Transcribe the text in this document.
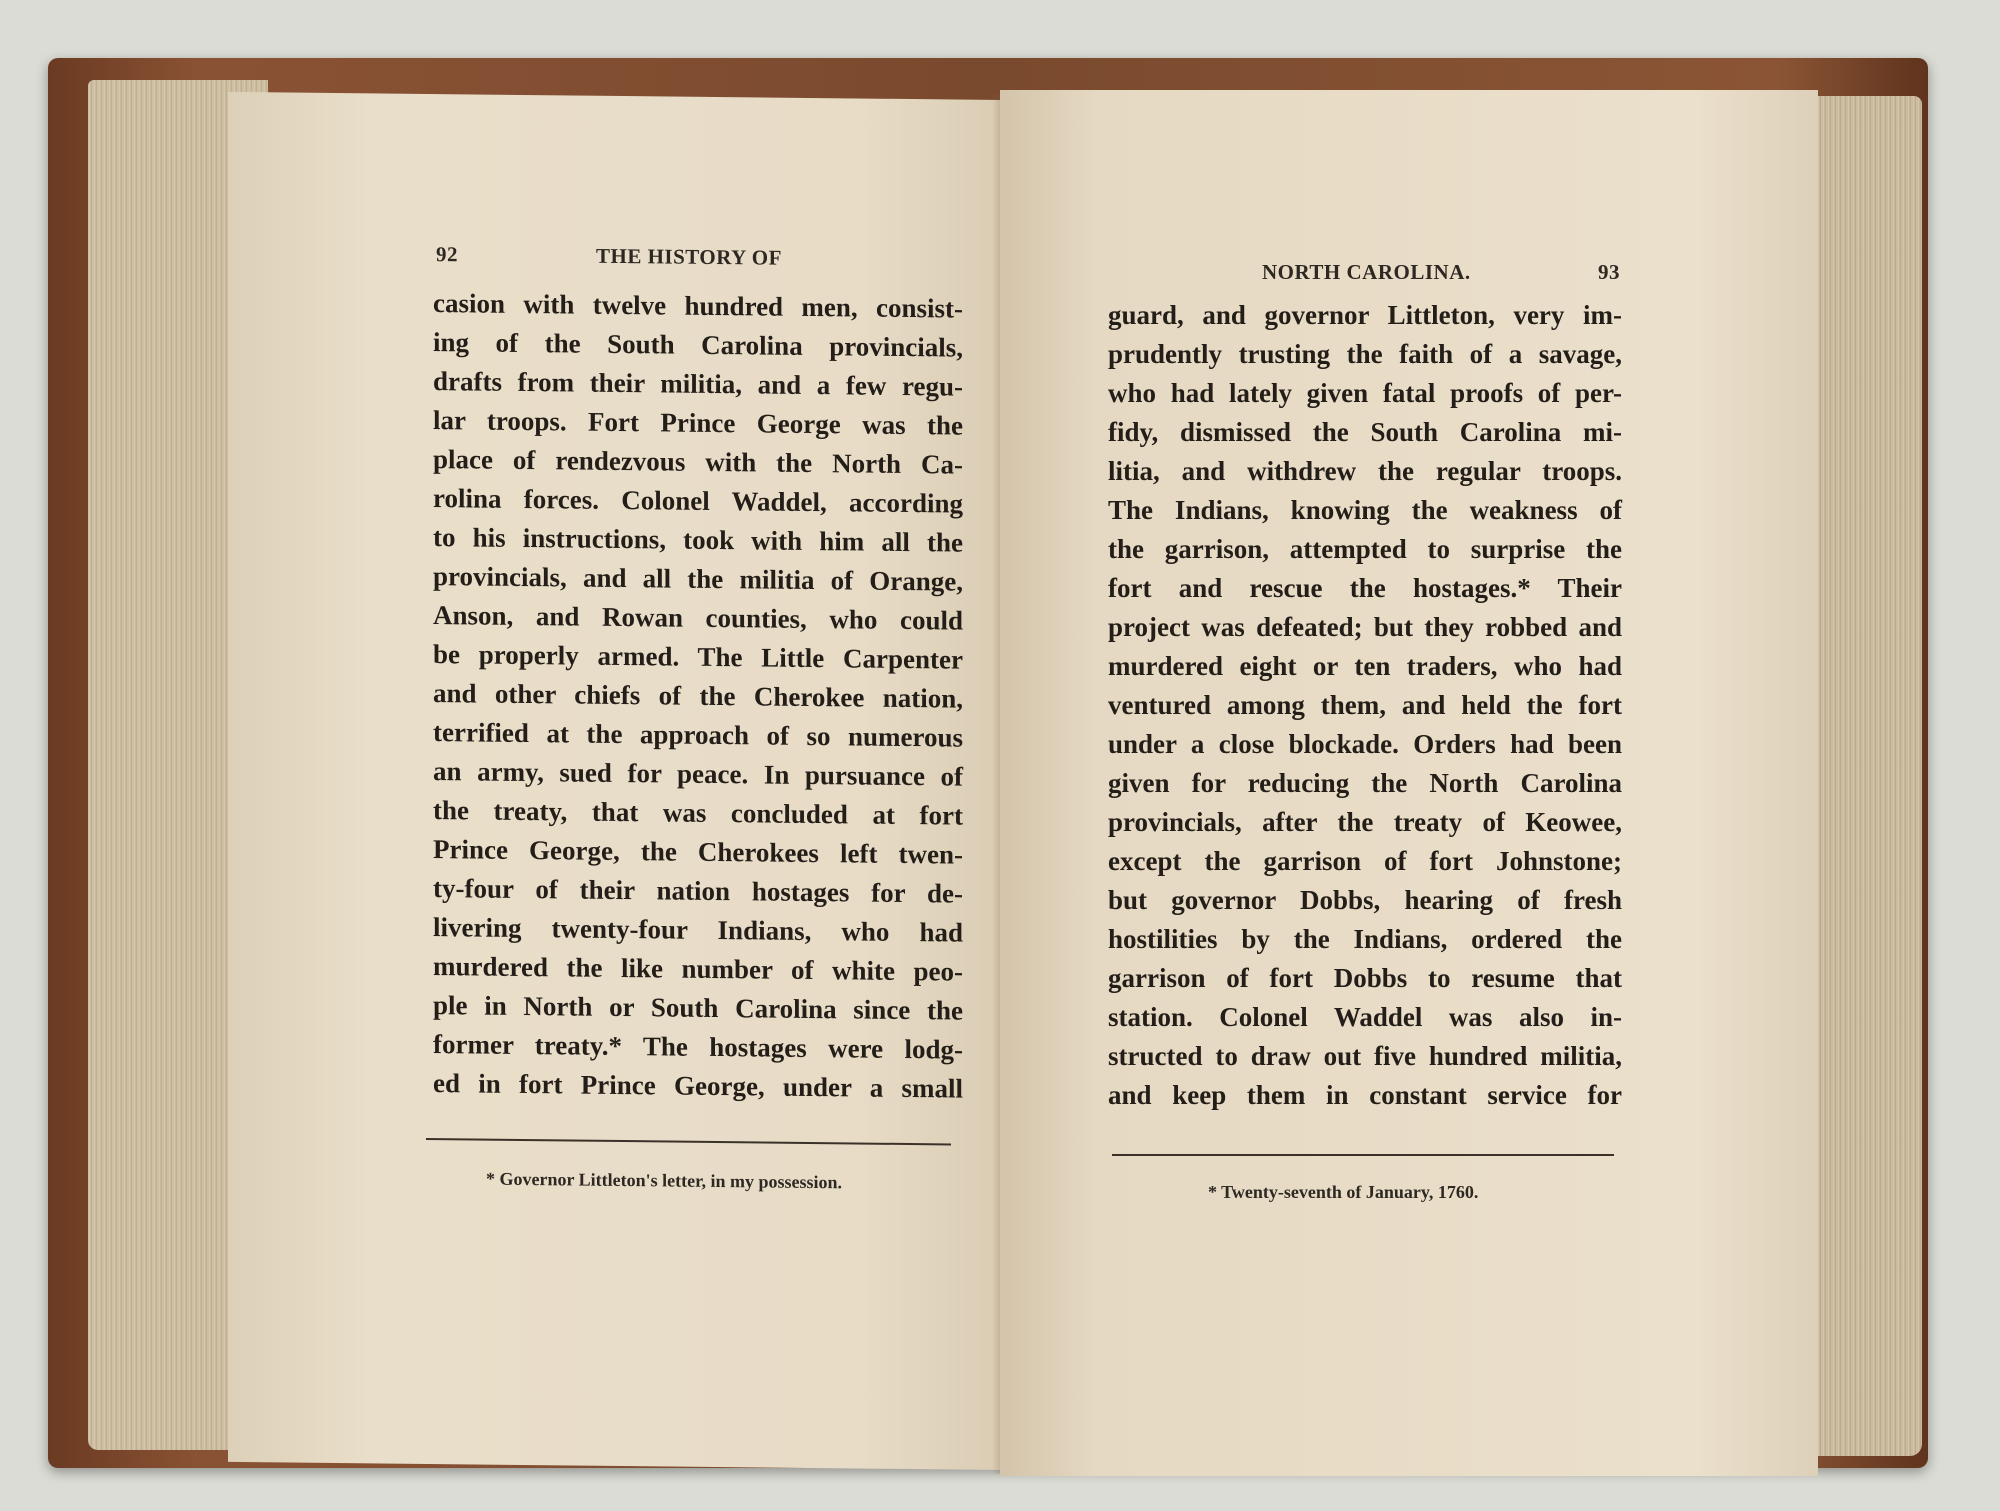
92	THE HISTORY OF
casion with twelve hundred men, consist-
ing of the South Carolina provincials,
drafts from their militia, and a few regu-
lar troops. Fort Prince George was the
place of rendezvous with the North Ca-
rolina forces. Colonel Waddel, according
to his instructions, took with him all the
provincials, and all the militia of Orange,
Anson, and Rowan counties, who could
be properly armed. The Little Carpenter
and other chiefs of the Cherokee nation,
terrified at the approach of so numerous
an army, sued for peace. In pursuance of
the treaty, that was concluded at fort
Prince George, the Cherokees left twen-
ty-four of their nation hostages for de-
livering twenty-four Indians, who had
murdered the like number of white peo-
ple in North or South Carolina since the
former treaty.* The hostages were lodg-
ed in fort Prince George, under a small
* Governor Littleton's letter, in my possession.
NORTH CAROLINA.	93
guard, and governor Littleton, very im-
prudently trusting the faith of a savage,
who had lately given fatal proofs of per-
fidy, dismissed the South Carolina mi-
litia, and withdrew the regular troops.
The Indians, knowing the weakness of
the garrison, attempted to surprise the
fort and rescue the hostages.* Their
project was defeated; but they robbed and
murdered eight or ten traders, who had
ventured among them, and held the fort
under a close blockade. Orders had been
given for reducing the North Carolina
provincials, after the treaty of Keowee,
except the garrison of fort Johnstone;
but governor Dobbs, hearing of fresh
hostilities by the Indians, ordered the
garrison of fort Dobbs to resume that
station. Colonel Waddel was also in-
structed to draw out five hundred militia,
and keep them in constant service for
* Twenty-seventh of January, 1760.
